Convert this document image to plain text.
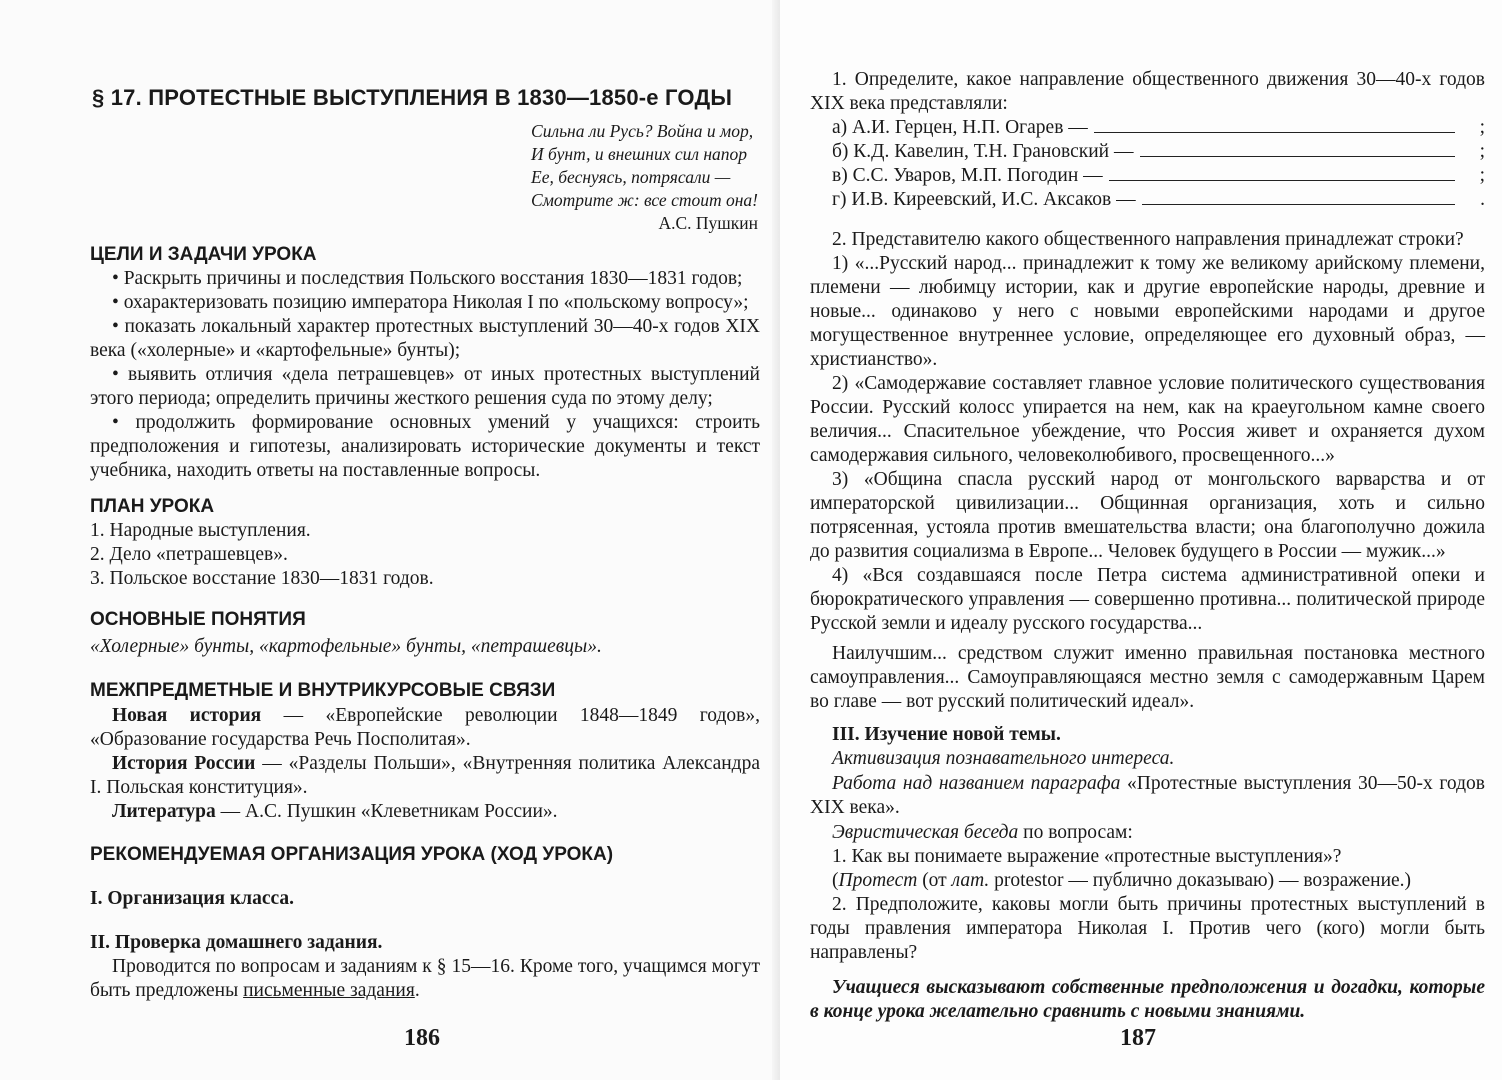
§ 17. ПРОТЕСТНЫЕ ВЫСТУПЛЕНИЯ В 1830—1850-е ГОДЫ
Сильна ли Русь? Война и мор,
И бунт, и внешних сил напор
Ее, беснуясь, потрясали —
Смотрите ж: все стоит она!
А.С. Пушкин
ЦЕЛИ И ЗАДАЧИ УРОКА
• Раскрыть причины и последствия Польского восстания 1830—1831 годов;
• охарактеризовать позицию императора Николая I по «польскому вопросу»;
• показать локальный характер протестных выступлений 30—40-х годов XIX века («холерные» и «картофельные» бунты);
• выявить отличия «дела петрашевцев» от иных протестных выступлений этого периода; определить причины жесткого решения суда по этому делу;
• продолжить формирование основных умений у учащихся: строить предположения и гипотезы, анализировать исторические документы и текст учебника, находить ответы на поставленные вопросы.
ПЛАН УРОКА
1. Народные выступления.
2. Дело «петрашевцев».
3. Польское восстание 1830—1831 годов.
ОСНОВНЫЕ ПОНЯТИЯ
«Холерные» бунты, «картофельные» бунты, «петрашевцы».
МЕЖПРЕДМЕТНЫЕ И ВНУТРИКУРСОВЫЕ СВЯЗИ
Новая история — «Европейские революции 1848—1849 годов», «Образование государства Речь Посполитая».
История России — «Разделы Польши», «Внутренняя политика Александра I. Польская конституция».
Литература — А.С. Пушкин «Клеветникам России».
РЕКОМЕНДУЕМАЯ ОРГАНИЗАЦИЯ УРОКА (ХОД УРОКА)
I. Организация класса.
II. Проверка домашнего задания.
Проводится по вопросам и заданиям к § 15—16. Кроме того, учащимся могут быть предложены письменные задания.
186
1. Определите, какое направление общественного движения 30—40-х годов XIX века представляли:
а) А.И. Герцен, Н.П. Огарев —	;
б) К.Д. Кавелин, Т.Н. Грановский —	;
в) С.С. Уваров, М.П. Погодин —	;
г) И.В. Киреевский, И.С. Аксаков —	.
2. Представителю какого общественного направления принадлежат строки?
1) «...Русский народ... принадлежит к тому же великому арийскому племени, племени — любимцу истории, как и другие европейские народы, древние и новые... одинаково у него с новыми европейскими народами и другое могущественное внутреннее условие, определяющее его духовный образ, — христианство».
2) «Самодержавие составляет главное условие политического существования России. Русский колосс упирается на нем, как на краеугольном камне своего величия... Спасительное убеждение, что Россия живет и охраняется духом самодержавия сильного, человеколюбивого, просвещенного...»
3) «Община спасла русский народ от монгольского варварства и от императорской цивилизации... Общинная организация, хоть и сильно потрясенная, устояла против вмешательства власти; она благополучно дожила до развития социализма в Европе... Человек будущего в России — мужик...»
4) «Вся создавшаяся после Петра система административной опеки и бюрократического управления — совершенно противна... политической природе Русской земли и идеалу русского государства...
Наилучшим... средством служит именно правильная постановка местного самоуправления... Самоуправляющаяся местно земля с самодержавным Царем во главе — вот русский политический идеал».
III. Изучение новой темы.
Активизация познавательного интереса.
Работа над названием параграфа «Протестные выступления 30—50-х годов XIX века».
Эвристическая беседа по вопросам:
1. Как вы понимаете выражение «протестные выступления»?
(Протест (от лат. protestor — публично доказываю) — возражение.)
2. Предположите, каковы могли быть причины протестных выступлений в годы правления императора Николая I. Против чего (кого) могли быть направлены?
Учащиеся высказывают собственные предположения и догадки, которые в конце урока желательно сравнить с новыми знаниями.
187
